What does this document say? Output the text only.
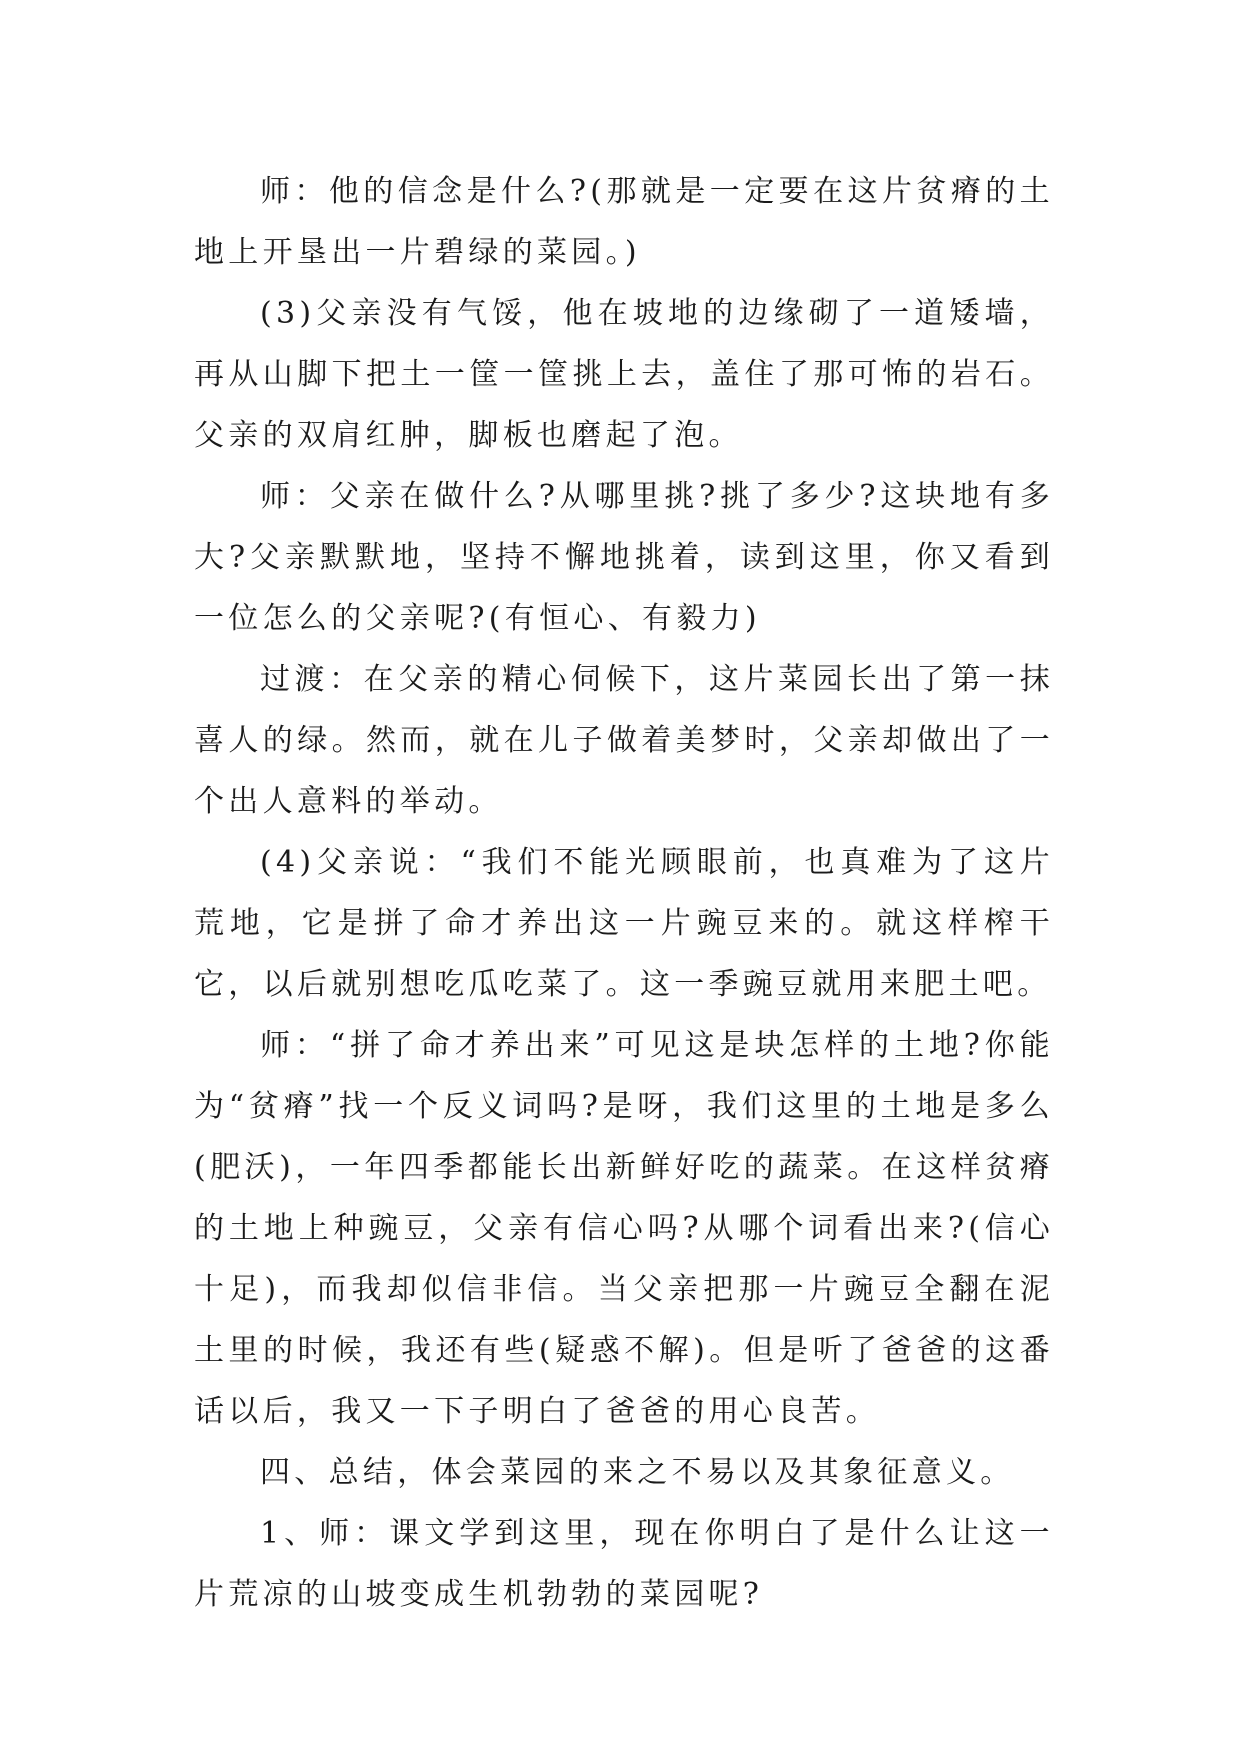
师：他的信念是什么?(那就是一定要在这片贫瘠的土地上开垦出一片碧绿的菜园。)

(3)父亲没有气馁，他在坡地的边缘砌了一道矮墙，再从山脚下把土一筐一筐挑上去，盖住了那可怖的岩石。父亲的双肩红肿，脚板也磨起了泡。

师：父亲在做什么?从哪里挑?挑了多少?这块地有多大?父亲默默地，坚持不懈地挑着，读到这里，你又看到一位怎么的父亲呢?(有恒心、有毅力)

过渡：在父亲的精心伺候下，这片菜园长出了第一抹喜人的绿。然而，就在儿子做着美梦时，父亲却做出了一个出人意料的举动。

(4)父亲说：“我们不能光顾眼前，也真难为了这片荒地，它是拼了命才养出这一片豌豆来的。就这样榨干它，以后就别想吃瓜吃菜了。这一季豌豆就用来肥土吧。

师：“拼了命才养出来”可见这是块怎样的土地?你能为“贫瘠”找一个反义词吗?是呀，我们这里的土地是多么(肥沃)，一年四季都能长出新鲜好吃的蔬菜。在这样贫瘠的土地上种豌豆，父亲有信心吗?从哪个词看出来?(信心十足)，而我却似信非信。当父亲把那一片豌豆全翻在泥土里的时候，我还有些(疑惑不解)。但是听了爸爸的这番话以后，我又一下子明白了爸爸的用心良苦。

四、总结，体会菜园的来之不易以及其象征意义。

1、师：课文学到这里，现在你明白了是什么让这一片荒凉的山坡变成生机勃勃的菜园呢?
